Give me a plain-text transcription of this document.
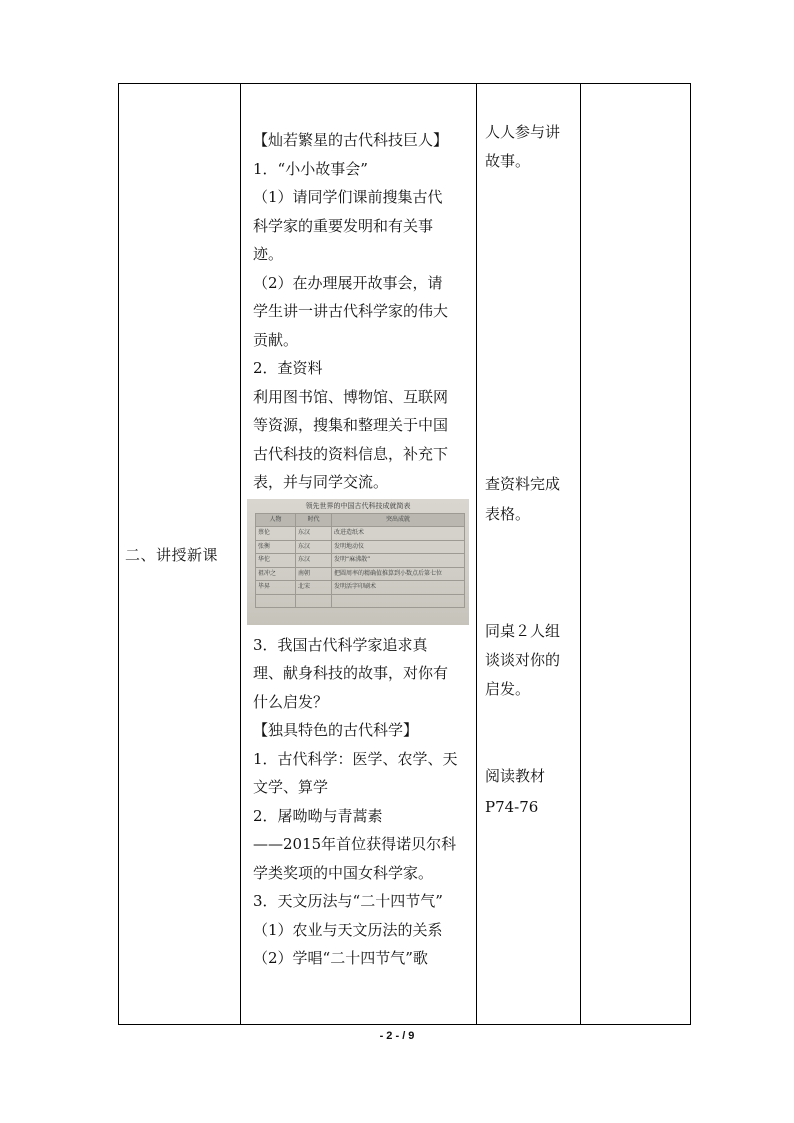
二、讲授新课

【灿若繁星的古代科技巨人】

1．“小小故事会”

（1）请同学们课前搜集古代

科学家的重要发明和有关事

迹。

（2）在办理展开故事会，请

学生讲一讲古代科学家的伟大

贡献。

2．查资料

利用图书馆、博物馆、互联网

等资源，搜集和整理关于中国

古代科技的资料信息，补充下

表，并与同学交流。

领先世界的中国古代科技成就简表
人物	时代	突出成就
蔡伦	东汉	改进造纸术
张衡	东汉	发明地动仪
华佗	东汉	发明“麻沸散”
祖冲之	南朝	把圆周率的精确值推算到小数点后第七位
毕昇	北宋	发明活字印刷术

3．我国古代科学家追求真

理、献身科技的故事，对你有

什么启发？

【独具特色的古代科学】

1．古代科学：医学、农学、天

文学、算学

2．屠呦呦与青蒿素

——2015年首位获得诺贝尔科

学类奖项的中国女科学家。

3．天文历法与“二十四节气”

（1）农业与天文历法的关系

（2）学唱“二十四节气”歌

人人参与讲

故事。

查资料完成

表格。

同桌２人组

谈谈对你的

启发。

阅读教材

P74-76

- 2 - / 9
